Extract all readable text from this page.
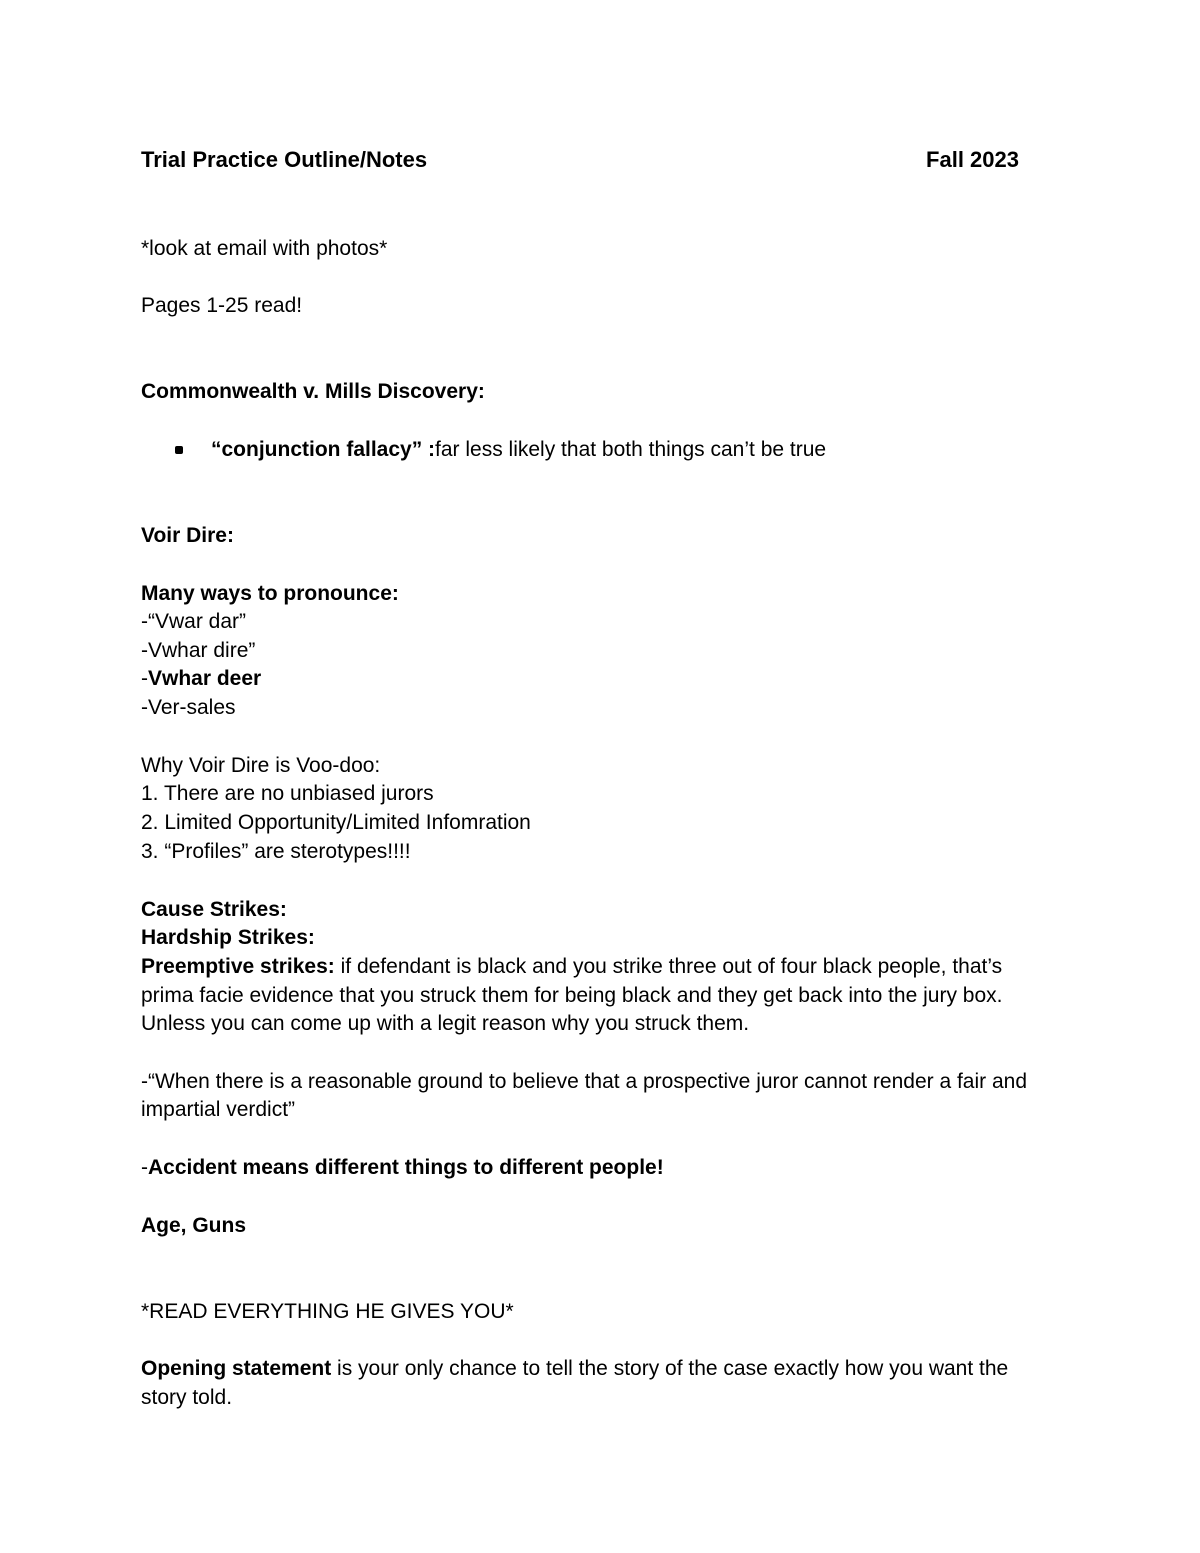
Trial Practice Outline/Notes	Fall 2023
*look at email with photos*
Pages 1-25 read!
Commonwealth v. Mills Discovery:
“conjunction fallacy” :far less likely that both things can’t be true
Voir Dire:
Many ways to pronounce:
-“Vwar dar”
-Vwhar dire”
-Vwhar deer
-Ver-sales
Why Voir Dire is Voo-doo:
1. There are no unbiased jurors
2. Limited Opportunity/Limited Infomration
3. “Profiles” are sterotypes!!!!
Cause Strikes:
Hardship Strikes:
Preemptive strikes: if defendant is black and you strike three out of four black people, that’s
prima facie evidence that you struck them for being black and they get back into the jury box.
Unless you can come up with a legit reason why you struck them.
-“When there is a reasonable ground to believe that a prospective juror cannot render a fair and
impartial verdict”
-Accident means different things to different people!
Age, Guns
*READ EVERYTHING HE GIVES YOU*
Opening statement is your only chance to tell the story of the case exactly how you want the
story told.
